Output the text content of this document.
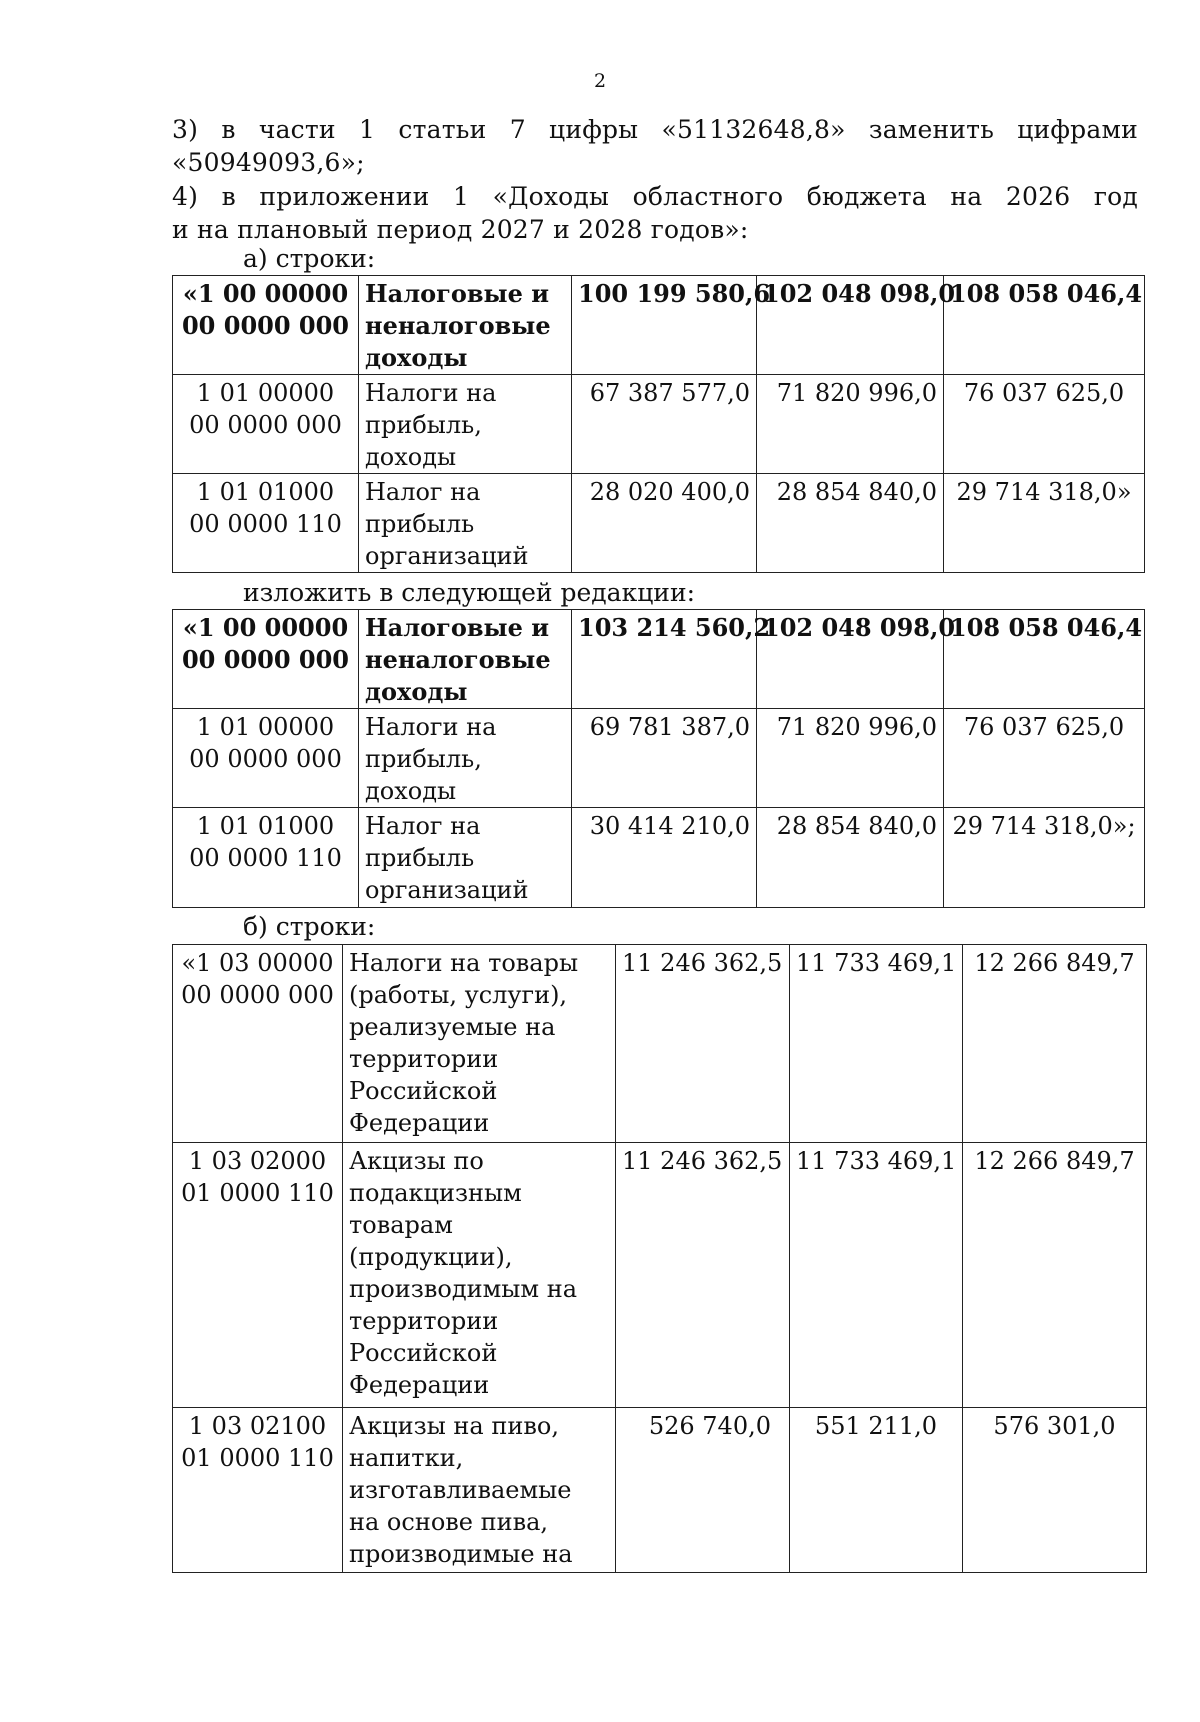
2
3) в части 1 статьи 7 цифры «51132648,8» заменить цифрами
«50949093,6»;
4) в приложении 1 «Доходы областного бюджета на 2026 год
и на плановый период 2027 и 2028 годов»:
а) строки:
«1 00 00000 00 0000 000	Налоговые и неналоговые доходы	100 199 580,6	102 048 098,0	108 058 046,4
1 01 00000 00 0000 000	Налоги на прибыль, доходы	67 387 577,0	71 820 996,0	76 037 625,0
1 01 01000 00 0000 110	Налог на прибыль организаций	28 020 400,0	28 854 840,0	29 714 318,0»
изложить в следующей редакции:
«1 00 00000 00 0000 000	Налоговые и неналоговые доходы	103 214 560,2	102 048 098,0	108 058 046,4
1 01 00000 00 0000 000	Налоги на прибыль, доходы	69 781 387,0	71 820 996,0	76 037 625,0
1 01 01000 00 0000 110	Налог на прибыль организаций	30 414 210,0	28 854 840,0	29 714 318,0»;
б) строки:
«1 03 00000 00 0000 000	Налоги на товары (работы, услуги), реализуемые на территории Российской Федерации	11 246 362,5	11 733 469,1	12 266 849,7
1 03 02000 01 0000 110	Акцизы по подакцизным товарам (продукции), производимым на территории Российской Федерации	11 246 362,5	11 733 469,1	12 266 849,7
1 03 02100 01 0000 110	Акцизы на пиво, напитки, изготавливаемые на основе пива, производимые на	526 740,0	551 211,0	576 301,0
